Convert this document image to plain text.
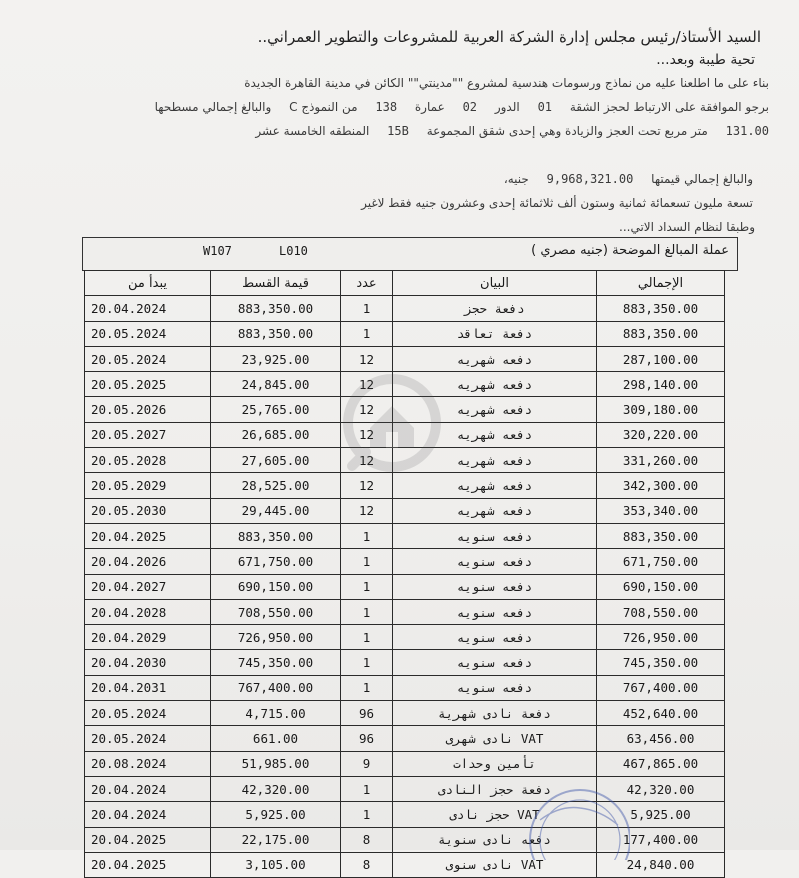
السيد الأستاذ/رئيس مجلس إدارة الشركة العربية للمشروعات والتطوير العمراني..
تحية طيبة وبعد...
بناء على ما اطلعنا عليه من نماذج ورسومات هندسية لمشروع ""مدينتي"" الكائن في مدينة القاهرة الجديدة
برجو الموافقة على الارتباط لحجز الشقة 01 الدور 02 عمارة 138 من النموذج C والبالغ إجمالي مسطحها
131.00 متر مربع تحت العجز والزيادة وهي إحدى شقق المجموعة 15B المنطقه الخامسة عشر
والبالغ إجمالي قيمتها 9,968,321.00 جنيه،
تسعة مليون تسعمائة ثمانية وستون ألف ثلاثمائة إحدى وعشرون جنيه فقط لاغير
وطبقا لنظام السداد الاتي...
W107	L010	عملة المبالغ الموضحة (جنيه مصري )
يبدأ من	قيمة القسط	عدد	البيان	الإجمالي
20.04.2024	883,350.00	1	دفعة حجز	883,350.00
20.05.2024	883,350.00	1	دفعة تعاقد	883,350.00
20.05.2024	23,925.00	12	دفعه شهريه	287,100.00
20.05.2025	24,845.00	12	دفعه شهريه	298,140.00
20.05.2026	25,765.00	12	دفعه شهريه	309,180.00
20.05.2027	26,685.00	12	دفعه شهريه	320,220.00
20.05.2028	27,605.00	12	دفعه شهريه	331,260.00
20.05.2029	28,525.00	12	دفعه شهريه	342,300.00
20.05.2030	29,445.00	12	دفعه شهريه	353,340.00
20.04.2025	883,350.00	1	دفعه سنويه	883,350.00
20.04.2026	671,750.00	1	دفعه سنويه	671,750.00
20.04.2027	690,150.00	1	دفعه سنويه	690,150.00
20.04.2028	708,550.00	1	دفعه سنويه	708,550.00
20.04.2029	726,950.00	1	دفعه سنويه	726,950.00
20.04.2030	745,350.00	1	دفعه سنويه	745,350.00
20.04.2031	767,400.00	1	دفعه سنويه	767,400.00
20.05.2024	4,715.00	96	دفعة نادى شهرية	452,640.00
20.05.2024	661.00	96	VAT نادى شهرى	63,456.00
20.08.2024	51,985.00	9	تأمين وحدات	467,865.00
20.04.2024	42,320.00	1	دفعة حجز النادى	42,320.00
20.04.2024	5,925.00	1	VAT حجز نادى	5,925.00
20.04.2025	22,175.00	8	دفعه نادى سنوية	177,400.00
20.04.2025	3,105.00	8	VAT نادى سنوى	24,840.00
